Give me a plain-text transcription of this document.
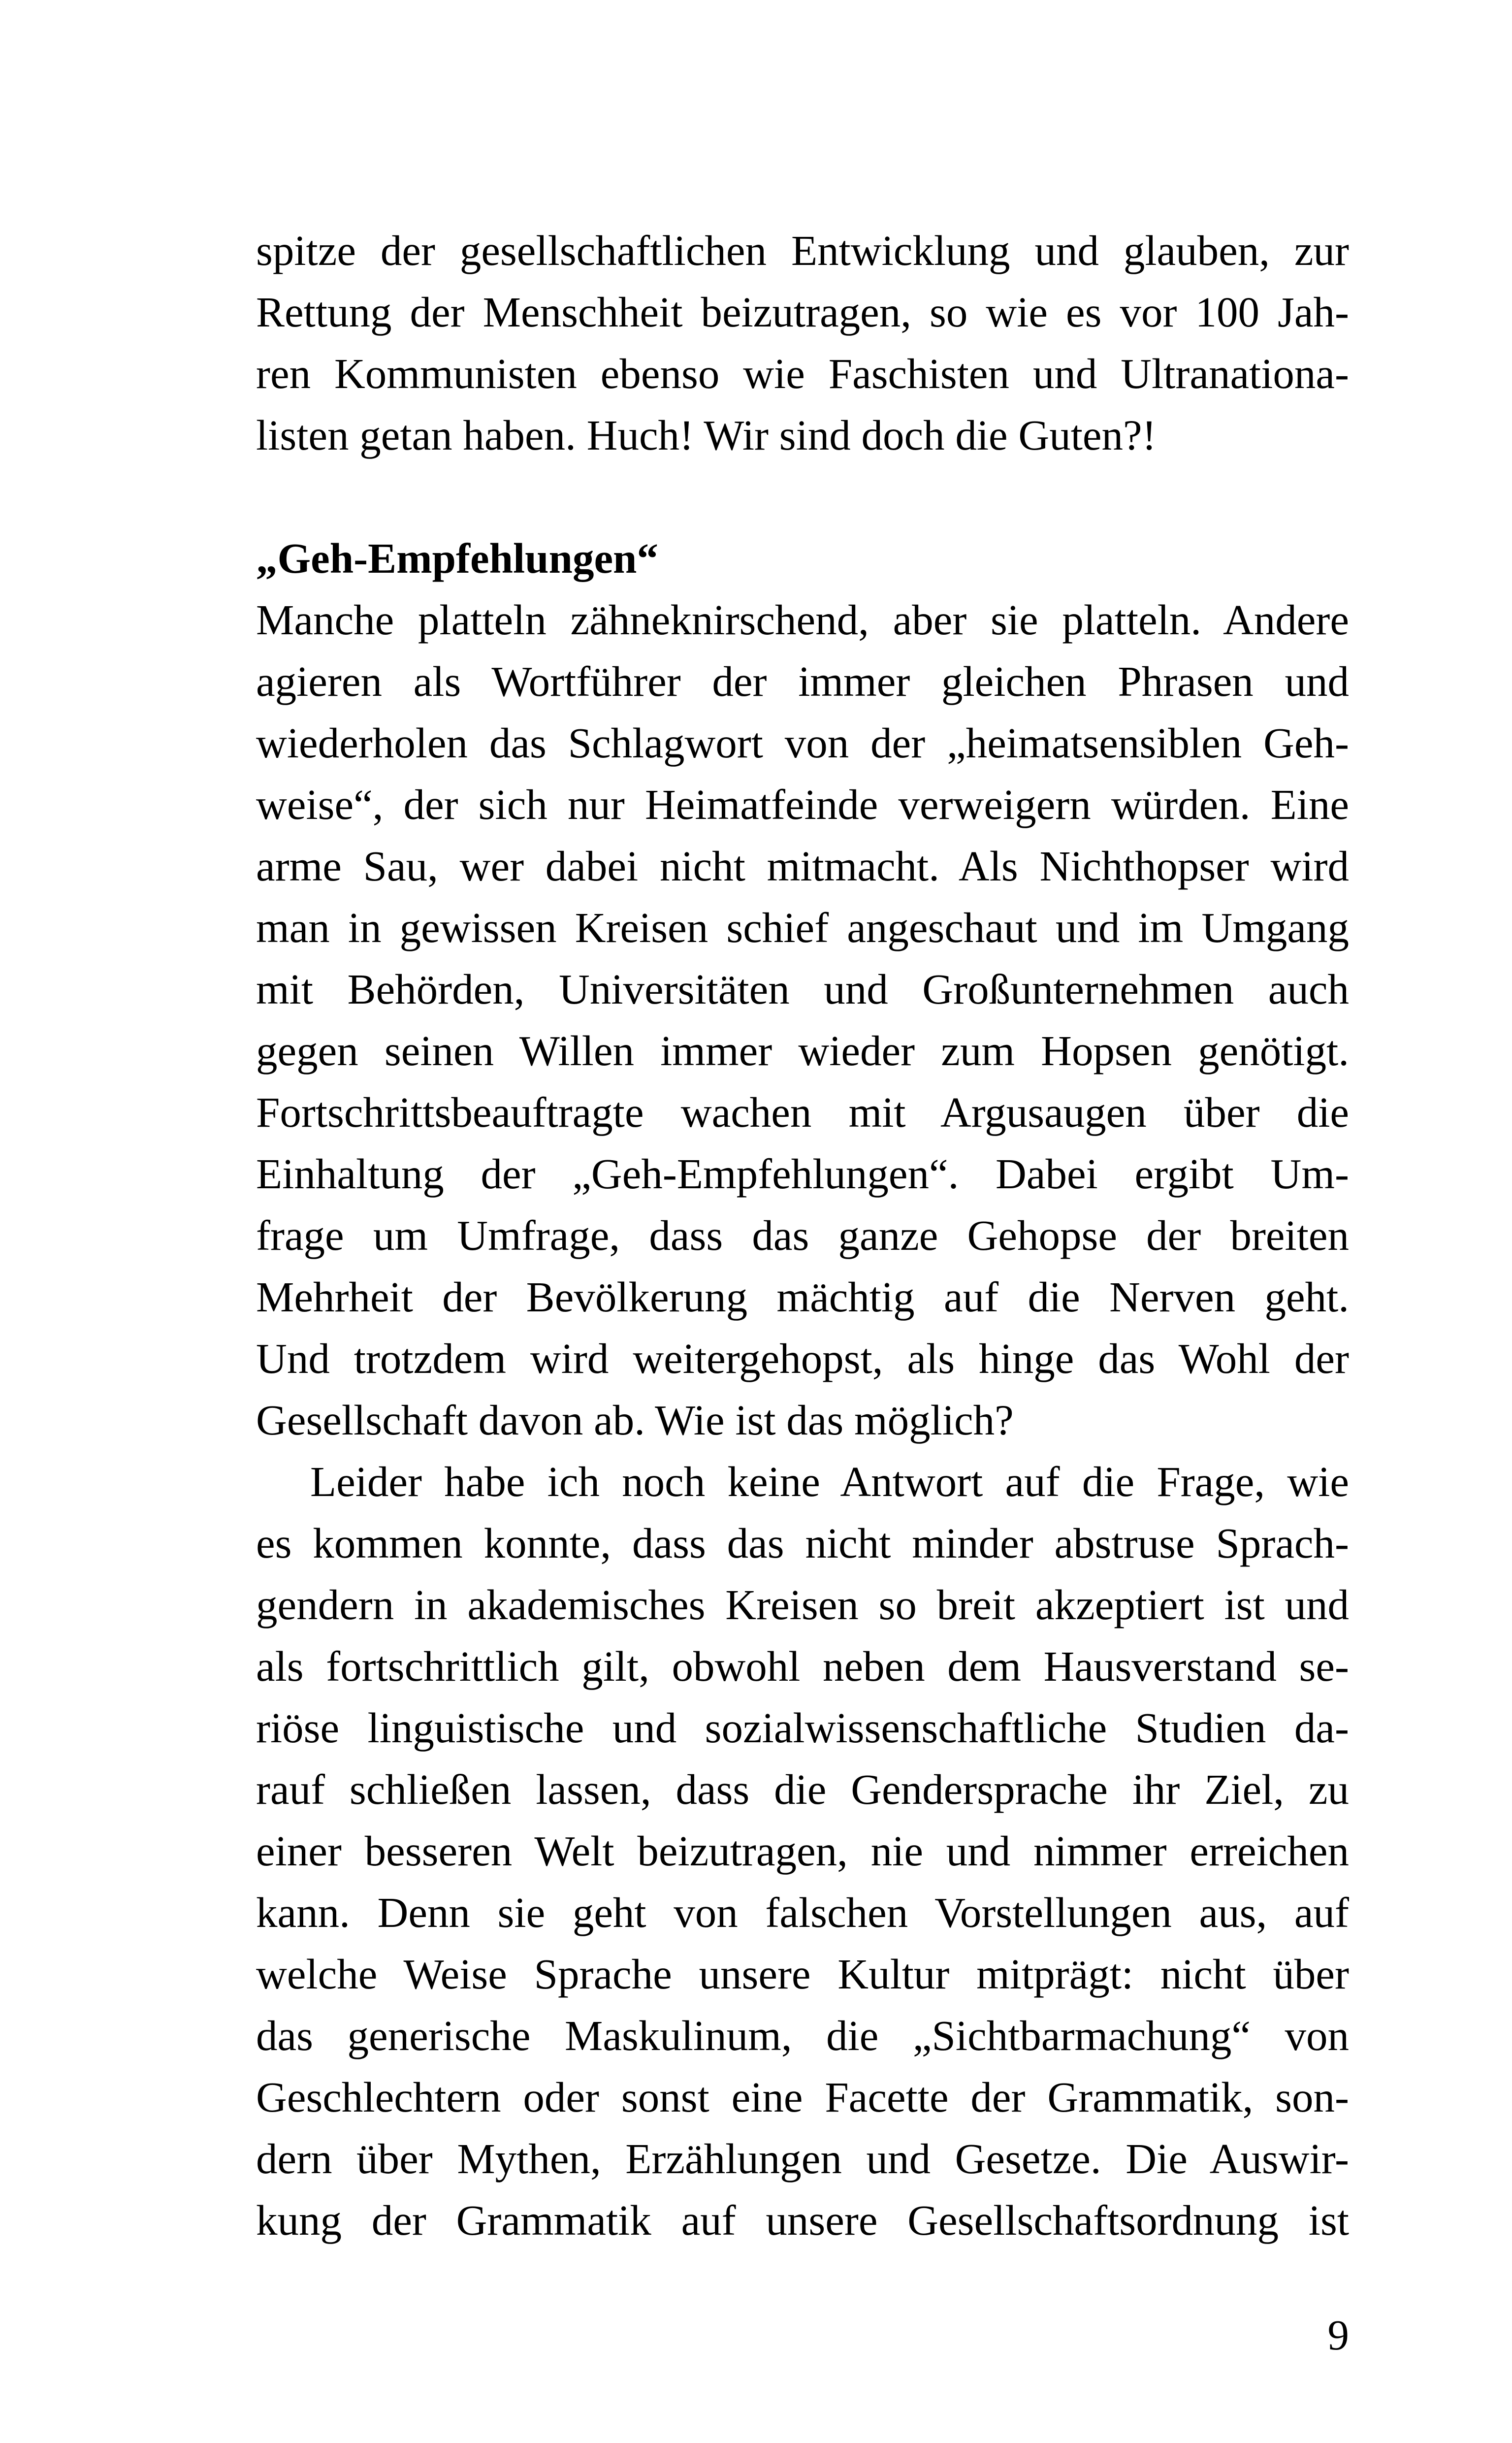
spitze der gesellschaftlichen Entwicklung und glauben, zur
Rettung der Menschheit beizutragen, so wie es vor 100 Jah-
ren Kommunisten ebenso wie Faschisten und Ultranationa-
listen getan haben. Huch! Wir sind doch die Guten?!
„Geh-Empfehlungen“
Manche platteln zähneknirschend, aber sie platteln. Andere
agieren als Wortführer der immer gleichen Phrasen und
wiederholen das Schlagwort von der „heimatsensiblen Geh-
weise“, der sich nur Heimatfeinde verweigern würden. Eine
arme Sau, wer dabei nicht mitmacht. Als Nichthopser wird
man in gewissen Kreisen schief angeschaut und im Umgang
mit Behörden, Universitäten und Großunternehmen auch
gegen seinen Willen immer wieder zum Hopsen genötigt.
Fortschrittsbeauftragte wachen mit Argusaugen über die
Einhaltung der „Geh-Empfehlungen“. Dabei ergibt Um-
frage um Umfrage, dass das ganze Gehopse der breiten
Mehrheit der Bevölkerung mächtig auf die Nerven geht.
Und trotzdem wird weitergehopst, als hinge das Wohl der
Gesellschaft davon ab. Wie ist das möglich?
Leider habe ich noch keine Antwort auf die Frage, wie
es kommen konnte, dass das nicht minder abstruse Sprach-
gendern in akademisches Kreisen so breit akzeptiert ist und
als fortschrittlich gilt, obwohl neben dem Hausverstand se-
riöse linguistische und sozialwissenschaftliche Studien da-
rauf schließen lassen, dass die Gendersprache ihr Ziel, zu
einer besseren Welt beizutragen, nie und nimmer erreichen
kann. Denn sie geht von falschen Vorstellungen aus, auf
welche Weise Sprache unsere Kultur mitprägt: nicht über
das generische Maskulinum, die „Sichtbarmachung“ von
Geschlechtern oder sonst eine Facette der Grammatik, son-
dern über Mythen, Erzählungen und Gesetze. Die Auswir-
kung der Grammatik auf unsere Gesellschaftsordnung ist
9
